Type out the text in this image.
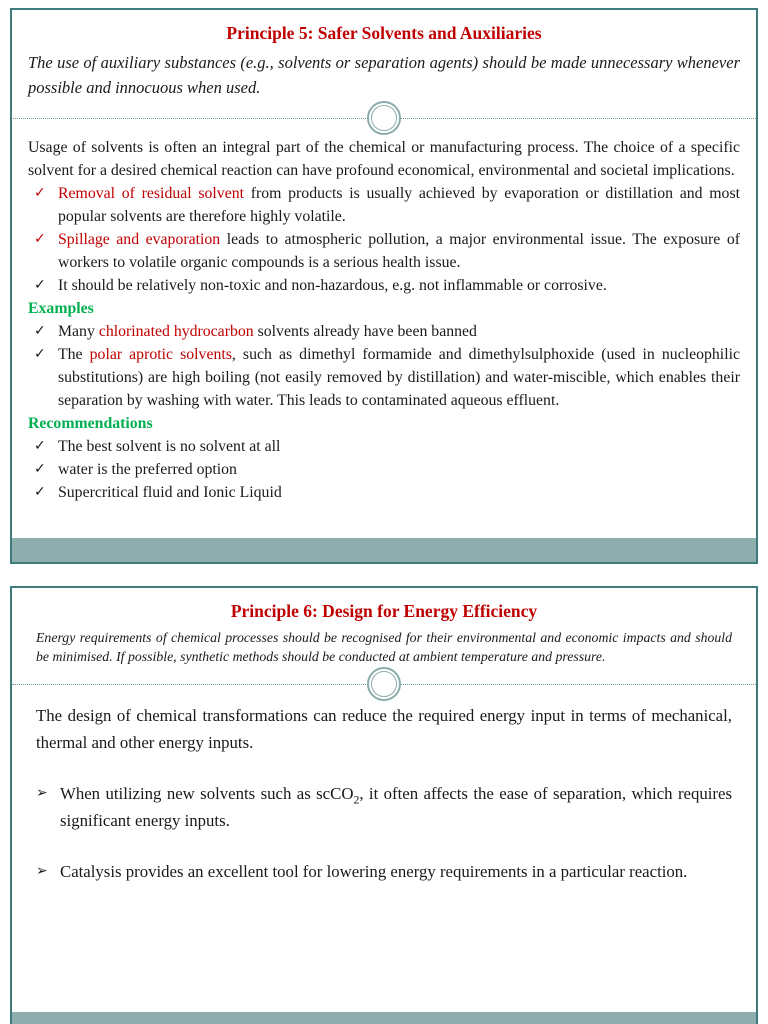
Principle 5: Safer Solvents and Auxiliaries

The use of auxiliary substances (e.g., solvents or separation agents) should be made unnecessary whenever possible and innocuous when used.

Usage of solvents is often an integral part of the chemical or manufacturing process. The choice of a specific solvent for a desired chemical reaction can have profound economical, environmental and societal implications.

✓ Removal of residual solvent from products is usually achieved by evaporation or distillation and most popular solvents are therefore highly volatile.
✓ Spillage and evaporation leads to atmospheric pollution, a major environmental issue. The exposure of workers to volatile organic compounds is a serious health issue.
✓ It should be relatively non-toxic and non-hazardous, e.g. not inflammable or corrosive.

Examples

✓ Many chlorinated hydrocarbon solvents already have been banned
✓ The polar aprotic solvents, such as dimethyl formamide and dimethylsulphoxide (used in nucleophilic substitutions) are high boiling (not easily removed by distillation) and water-miscible, which enables their separation by washing with water. This leads to contaminated aqueous effluent.

Recommendations

✓ The best solvent is no solvent at all
✓ water is the preferred option
✓ Supercritical fluid and Ionic Liquid
Principle 6: Design for Energy Efficiency

Energy requirements of chemical processes should be recognised for their environmental and economic impacts and should be minimised. If possible, synthetic methods should be conducted at ambient temperature and pressure.

The design of chemical transformations can reduce the required energy input in terms of mechanical, thermal and other energy inputs.

➢ When utilizing new solvents such as scCO$_2$, it often affects the ease of separation, which requires significant energy inputs.
➢ Catalysis provides an excellent tool for lowering energy requirements in a particular reaction.
